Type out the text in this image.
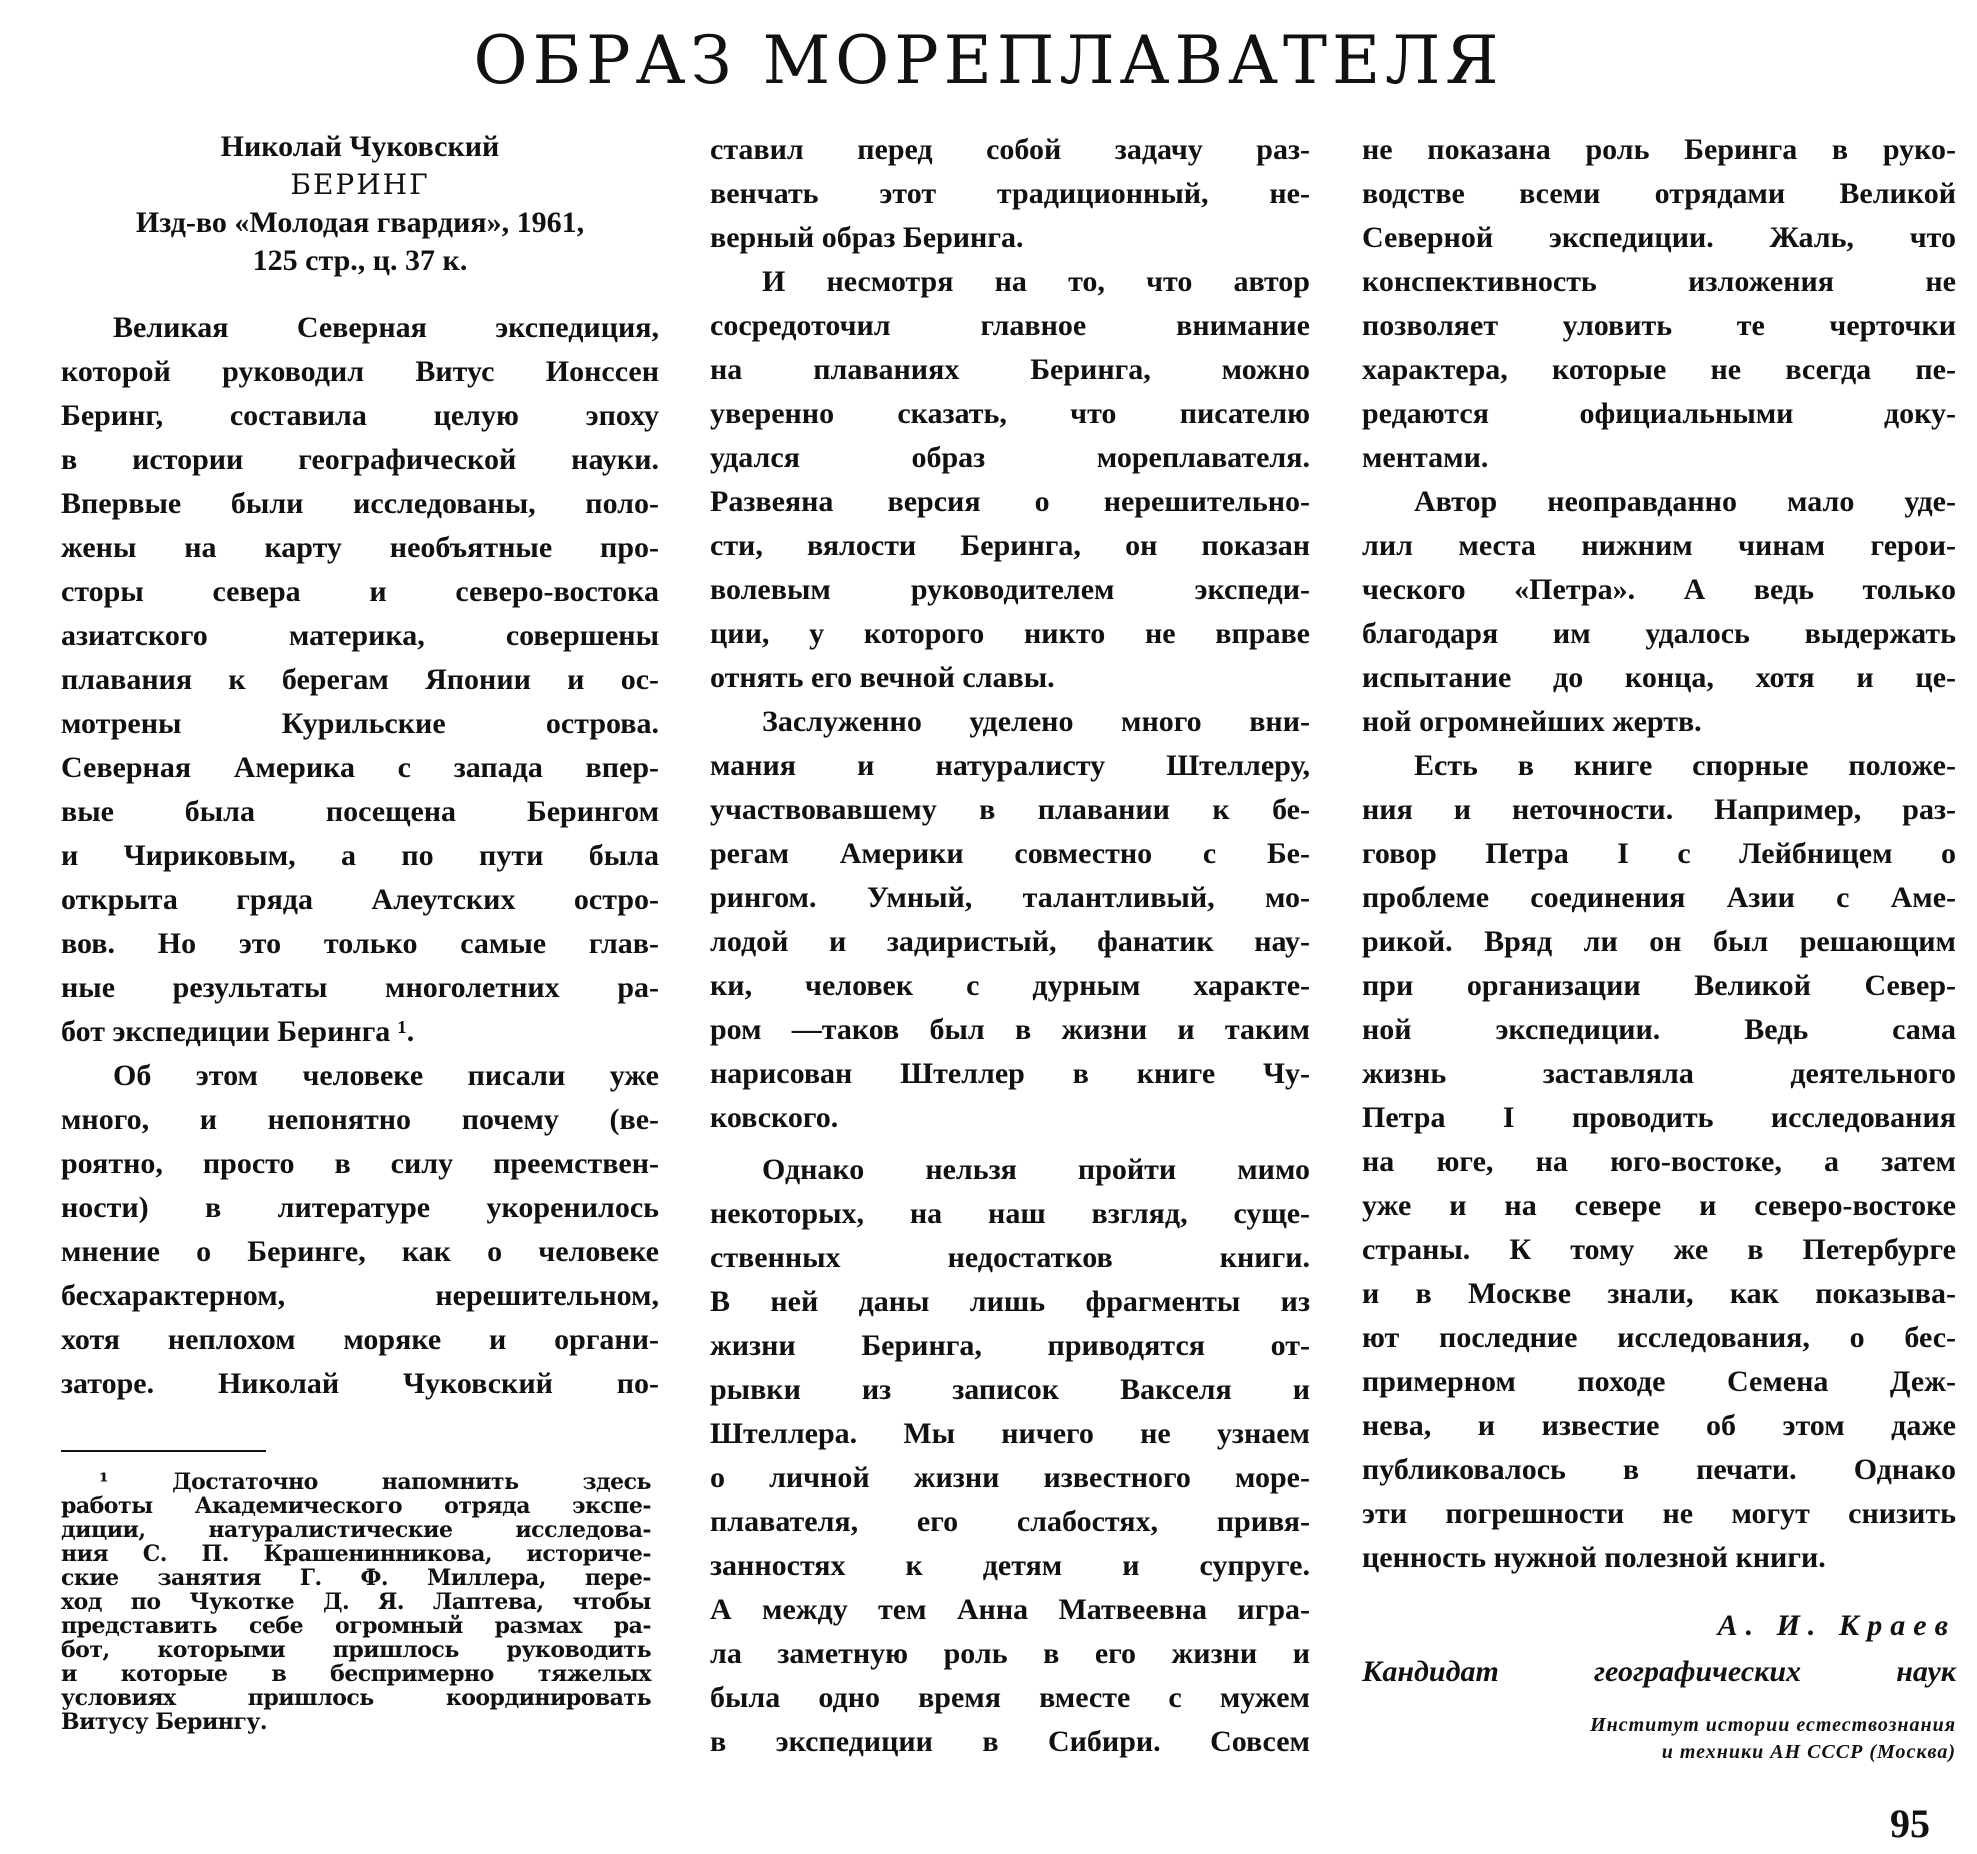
ОБРАЗ МОРЕПЛАВАТЕЛЯ
Николай Чуковский
БЕРИНГ
Изд-во «Молодая гвардия», 1961,
125 стр., ц. 37 к.
Великая Северная экспедиция,
которой руководил Витус Ионссен
Беринг, составила целую эпоху
в истории географической науки.
Впервые были исследованы, поло-
жены на карту необъятные про-
сторы севера и северо-востока
азиатского материка, совершены
плавания к берегам Японии и ос-
мотрены Курильские острова.
Северная Америка с запада впер-
вые была посещена Берингом
и Чириковым, а по пути была
открыта гряда Алеутских остро-
вов. Но это только самые глав-
ные результаты многолетних ра-
бот экспедиции Беринга ¹.
Об этом человеке писали уже
много, и непонятно почему (ве-
роятно, просто в силу преемствен-
ности) в литературе укоренилось
мнение о Беринге, как о человеке
бесхарактерном, нерешительном,
хотя неплохом моряке и органи-
заторе. Николай Чуковский по-
ставил перед собой задачу раз-
венчать этот традиционный, не-
верный образ Беринга.
И несмотря на то, что автор
сосредоточил главное внимание
на плаваниях Беринга, можно
уверенно сказать, что писателю
удался образ мореплавателя.
Развеяна версия о нерешительно-
сти, вялости Беринга, он показан
волевым руководителем экспеди-
ции, у которого никто не вправе
отнять его вечной славы.
Заслуженно уделено много вни-
мания и натуралисту Штеллеру,
участвовавшему в плавании к бе-
регам Америки совместно с Бе-
рингом. Умный, талантливый, мо-
лодой и задиристый, фанатик нау-
ки, человек с дурным характе-
ром —таков был в жизни и таким
нарисован Штеллер в книге Чу-
ковского.
Однако нельзя пройти мимо
некоторых, на наш взгляд, суще-
ственных недостатков книги.
В ней даны лишь фрагменты из
жизни Беринга, приводятся от-
рывки из записок Вакселя и
Штеллера. Мы ничего не узнаем
о личной жизни известного море-
плавателя, его слабостях, привя-
занностях к детям и супруге.
А между тем Анна Матвеевна игра-
ла заметную роль в его жизни и
была одно время вместе с мужем
в экспедиции в Сибири. Совсем
не показана роль Беринга в руко-
водстве всеми отрядами Великой
Северной экспедиции. Жаль, что
конспективность изложения не
позволяет уловить те черточки
характера, которые не всегда пе-
редаются официальными доку-
ментами.
Автор неоправданно мало уде-
лил места нижним чинам герои-
ческого «Петра». А ведь только
благодаря им удалось выдержать
испытание до конца, хотя и це-
ной огромнейших жертв.
Есть в книге спорные положе-
ния и неточности. Например, раз-
говор Петра I с Лейбницем о
проблеме соединения Азии с Аме-
рикой. Вряд ли он был решающим
при организации Великой Север-
ной экспедиции. Ведь сама
жизнь заставляла деятельного
Петра I проводить исследования
на юге, на юго-востоке, а затем
уже и на севере и северо-востоке
страны. К тому же в Петербурге
и в Москве знали, как показыва-
ют последние исследования, о бес-
примерном походе Семена Деж-
нева, и известие об этом даже
публиковалось в печати. Однако
эти погрешности не могут снизить
ценность нужной полезной книги.
¹ Достаточно напомнить здесь
работы Академического отряда экспе-
диции, натуралистические исследова-
ния С. П. Крашенинникова, историче-
ские занятия Г. Ф. Миллера, пере-
ход по Чукотке Д. Я. Лаптева, чтобы
представить себе огромный размах ра-
бот, которыми пришлось руководить
и которые в беспримерно тяжелых
условиях пришлось координировать
Витусу Берингу.
А. И. Краев
Кандидат географических наук
Институт истории естествознания
и техники АН СССР (Москва)
95
